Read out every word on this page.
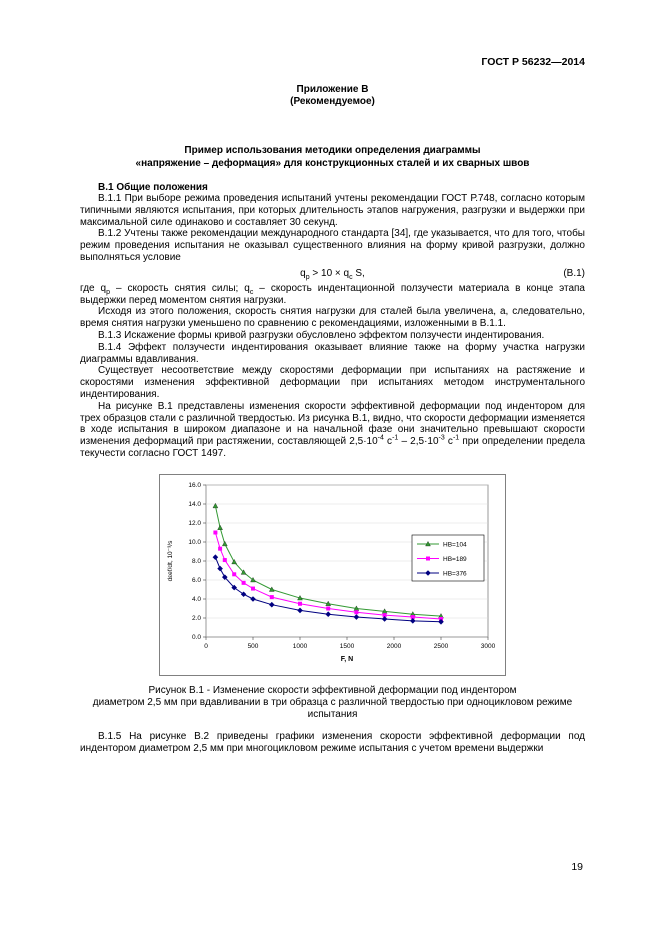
ГОСТ Р 56232—2014
Приложение В
(Рекомендуемое)
Пример использования методики определения диаграммы
«напряжение – деформация» для конструкционных сталей и их сварных швов
В.1 Общие положения

В.1.1 При выборе режима проведения испытаний учтены рекомендации ГОСТ Р.748, согласно которым типичными являются испытания, при которых длительность этапов нагружения, разгрузки и выдержки при максимальной силе одинаково и составляет 30 секунд.

В.1.2 Учтены также рекомендации международного стандарта [34], где указывается, что для того, чтобы режим проведения испытания не оказывал существенного влияния на форму кривой разгрузки, должно выполняться условие

$q_р > 10 \times q_с$ S,	(В.1)

где $q_р$ – скорость снятия силы; $q_с$ – скорость индентационной ползучести материала в конце этапа выдержки перед моментом снятия нагрузки.

Исходя из этого положения, скорость снятия нагрузки для сталей была увеличена, а, следовательно, время снятия нагрузки уменьшено по сравнению с рекомендациями, изложенными в В.1.1.

В.1.3 Искажение формы кривой разгрузки обусловлено эффектом ползучести индентирования.

В.1.4 Эффект ползучести индентирования оказывает влияние также на форму участка нагрузки диаграммы вдавливания.

Существует несоответствие между скоростями деформации при испытаниях на растяжение и скоростями изменения эффективной деформации при испытаниях методом инструментального индентирования.

На рисунке В.1 представлены изменения скорости эффективной деформации под индентором для трех образцов стали с различной твердостью. Из рисунка В.1, видно, что скорости деформации изменяется в ходе испытания в широком диапазоне и на начальной фазе они значительно превышают скорости изменения деформаций при растяжении, составляющей $2,5\cdot 10^{-4}$ $с^{-1} - 2,5\cdot 10^{-3}$ $с^{-1}$ при определении предела текучести согласно ГОСТ 1497.

0.0
2.0
4.0
6.0
8.0
10.0
12.0
14.0
16.0
0	500	1000	1500	2000	2500	3000
HB=104
HB=189
HB=376
F, N
dεef/dt, 10⁻³/s
Рисунок В.1 - Изменение скорости эффективной деформации под индентором
диаметром 2,5 мм при вдавливании в три образца с различной твердостью при одноцикловом режиме испытания

В.1.5 На рисунке В.2 приведены графики изменения скорости эффективной деформации под индентором диаметром 2,5 мм при многоцикловом режиме испытания с учетом времени выдержки

19
